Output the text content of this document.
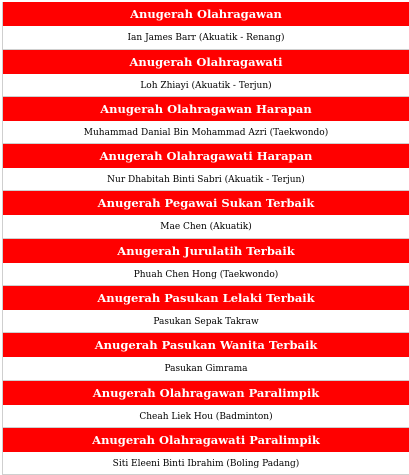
Anugerah Olahragawan
Ian James Barr (Akuatik - Renang)
Anugerah Olahragawati
Loh Zhiayi (Akuatik - Terjun)
Anugerah Olahragawan Harapan
Muhammad Danial Bin Mohammad Azri (Taekwondo)
Anugerah Olahragawati Harapan
Nur Dhabitah Binti Sabri (Akuatik - Terjun)
Anugerah Pegawai Sukan Terbaik
Mae Chen (Akuatik)
Anugerah Jurulatih Terbaik
Phuah Chen Hong (Taekwondo)
Anugerah Pasukan Lelaki Terbaik
Pasukan Sepak Takraw
Anugerah Pasukan Wanita Terbaik
Pasukan Gimrama
Anugerah Olahragawan Paralimpik
Cheah Liek Hou (Badminton)
Anugerah Olahragawati Paralimpik
Siti Eleeni Binti Ibrahim (Boling Padang)
